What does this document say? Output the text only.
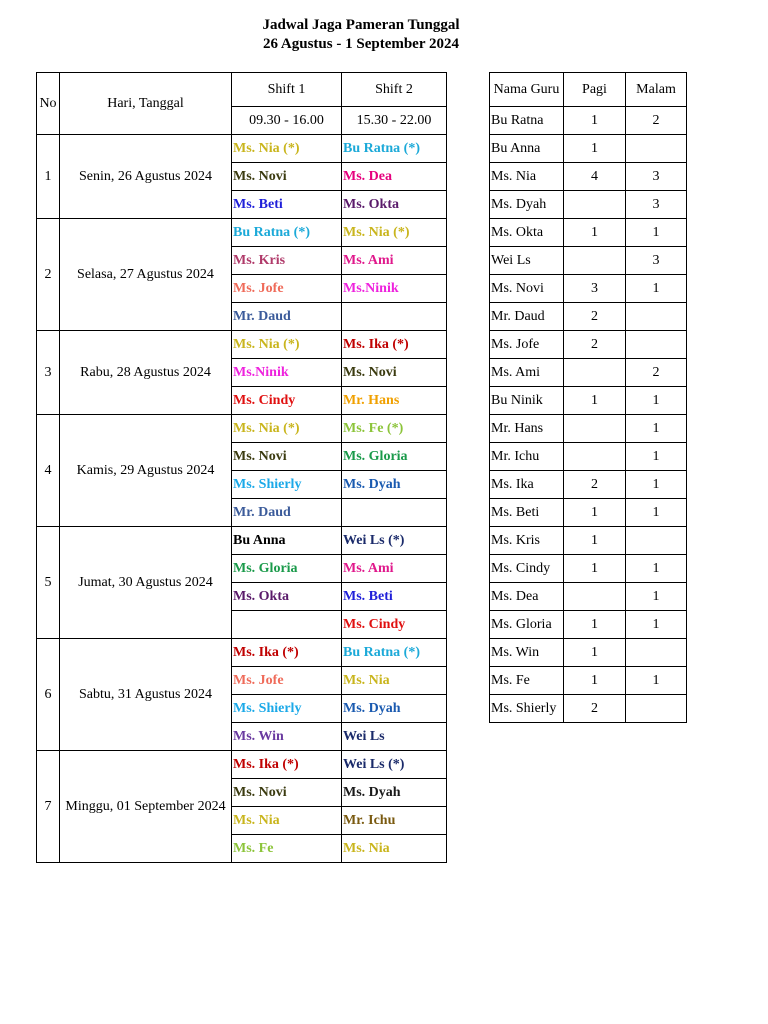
Jadwal Jaga Pameran Tunggal
26 Agustus - 1 September 2024
No	Hari, Tanggal	Shift 1	Shift 2
		09.30 - 16.00	15.30 - 22.00
1	Senin, 26 Agustus 2024	Ms. Nia (*)	Bu Ratna (*)
		Ms. Novi	Ms. Dea
		Ms. Beti	Ms. Okta
2	Selasa, 27 Agustus 2024	Bu Ratna (*)	Ms. Nia (*)
		Ms. Kris	Ms. Ami
		Ms. Jofe	Ms.Ninik
		Mr. Daud	
3	Rabu, 28 Agustus 2024	Ms. Nia (*)	Ms. Ika (*)
		Ms.Ninik	Ms. Novi
		Ms. Cindy	Mr. Hans
4	Kamis, 29 Agustus 2024	Ms. Nia (*)	Ms. Fe (*)
		Ms. Novi	Ms. Gloria
		Ms. Shierly	Ms. Dyah
		Mr. Daud	
5	Jumat, 30 Agustus 2024	Bu Anna	Wei Ls (*)
		Ms. Gloria	Ms. Ami
		Ms. Okta	Ms. Beti
			Ms. Cindy
6	Sabtu, 31 Agustus 2024	Ms. Ika (*)	Bu Ratna (*)
		Ms. Jofe	Ms. Nia
		Ms. Shierly	Ms. Dyah
		Ms. Win	Wei Ls
7	Minggu, 01 September 2024	Ms. Ika (*)	Wei Ls (*)
		Ms. Novi	Ms. Dyah
		Ms. Nia	Mr. Ichu
		Ms. Fe	Ms. Nia
Nama Guru	Pagi	Malam
Bu Ratna	1	2
Bu Anna	1	
Ms. Nia	4	3
Ms. Dyah		3
Ms. Okta	1	1
Wei Ls		3
Ms. Novi	3	1
Mr. Daud	2	
Ms. Jofe	2	
Ms. Ami		2
Bu Ninik	1	1
Mr. Hans		1
Mr. Ichu		1
Ms. Ika	2	1
Ms. Beti	1	1
Ms. Kris	1	
Ms. Cindy	1	1
Ms. Dea		1
Ms. Gloria	1	1
Ms. Win	1	
Ms. Fe	1	1
Ms. Shierly	2	
